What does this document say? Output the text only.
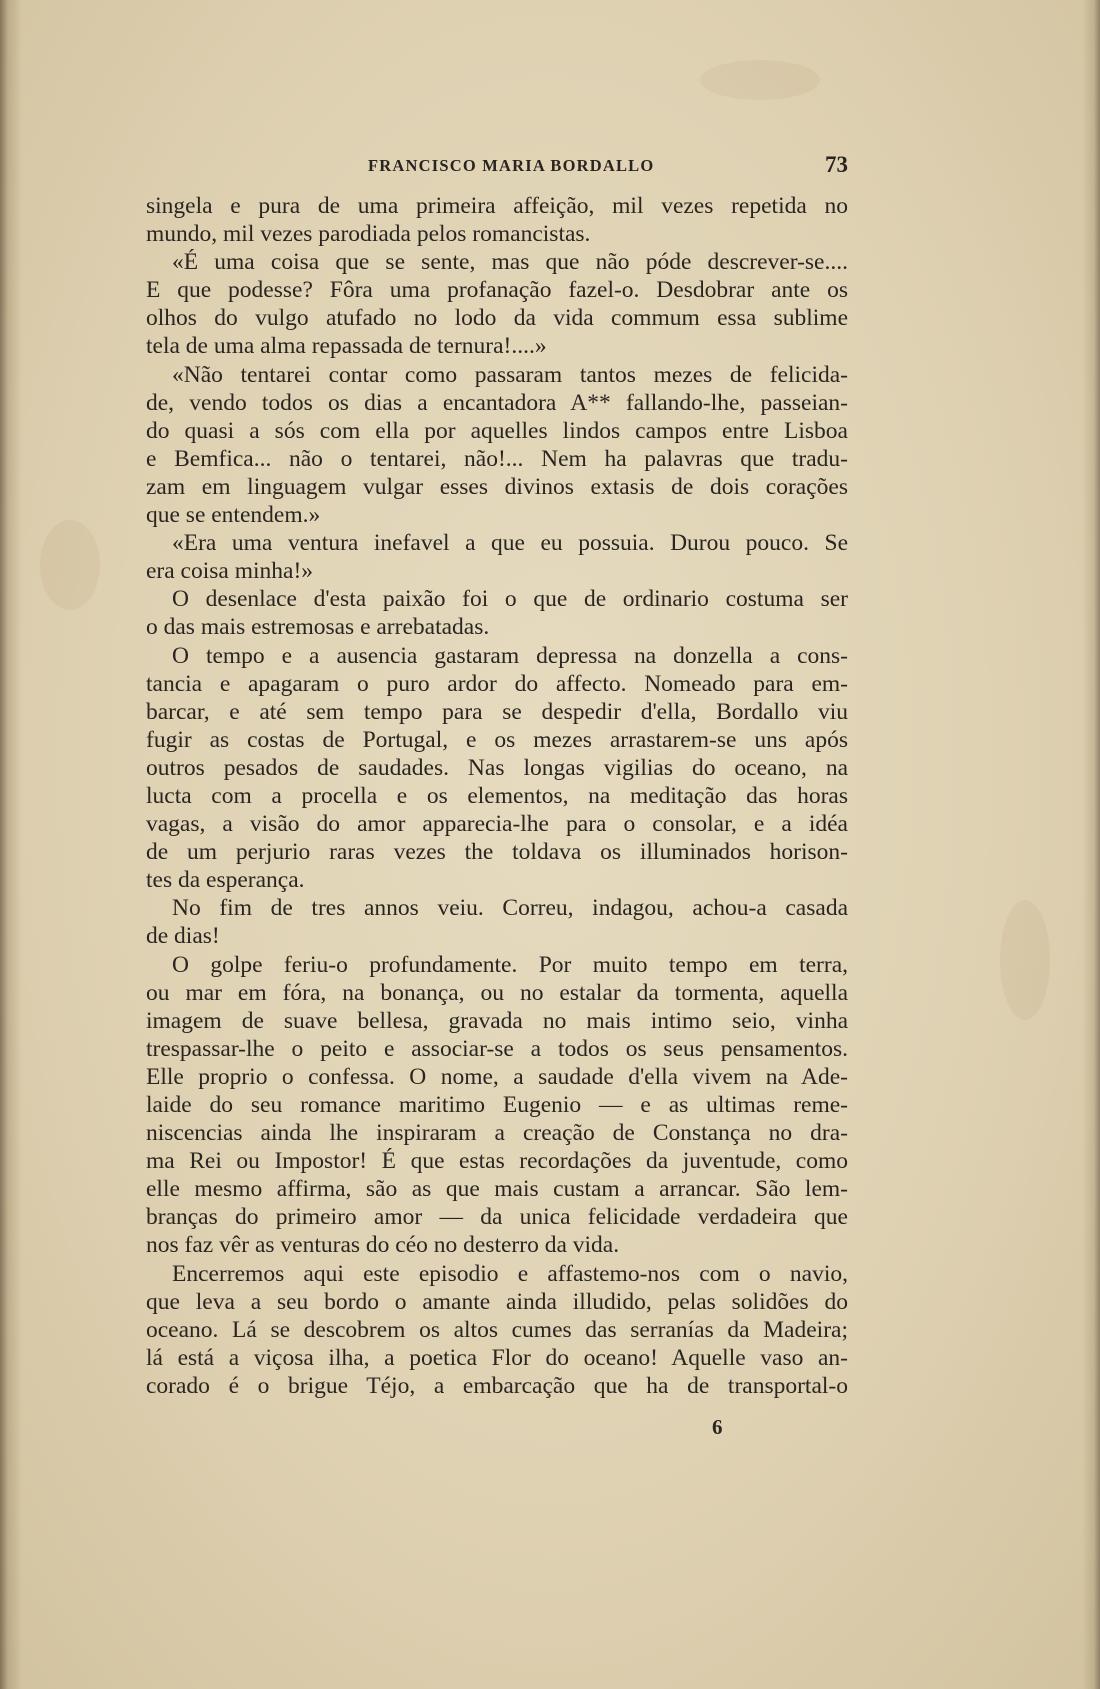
FRANCISCO MARIA BORDALLO	73
singela e pura de uma primeira affeição, mil vezes repetida no
mundo, mil vezes parodiada pelos romancistas.
«É uma coisa que se sente, mas que não póde descrever-se....
E que podesse? Fôra uma profanação fazel-o. Desdobrar ante os
olhos do vulgo atufado no lodo da vida commum essa sublime
tela de uma alma repassada de ternura!....»
«Não tentarei contar como passaram tantos mezes de felicida-
de, vendo todos os dias a encantadora A** fallando-lhe, passeian-
do quasi a sós com ella por aquelles lindos campos entre Lisboa
e Bemfica... não o tentarei, não!... Nem ha palavras que tradu-
zam em linguagem vulgar esses divinos extasis de dois corações
que se entendem.»
«Era uma ventura inefavel a que eu possuia. Durou pouco. Se
era coisa minha!»
O desenlace d'esta paixão foi o que de ordinario costuma ser
o das mais estremosas e arrebatadas.
O tempo e a ausencia gastaram depressa na donzella a cons-
tancia e apagaram o puro ardor do affecto. Nomeado para em-
barcar, e até sem tempo para se despedir d'ella, Bordallo viu
fugir as costas de Portugal, e os mezes arrastarem-se uns após
outros pesados de saudades. Nas longas vigilias do oceano, na
lucta com a procella e os elementos, na meditação das horas
vagas, a visão do amor apparecia-lhe para o consolar, e a idéa
de um perjurio raras vezes the toldava os illuminados horison-
tes da esperança.
No fim de tres annos veiu. Correu, indagou, achou-a casada
de dias!
O golpe feriu-o profundamente. Por muito tempo em terra,
ou mar em fóra, na bonança, ou no estalar da tormenta, aquella
imagem de suave bellesa, gravada no mais intimo seio, vinha
trespassar-lhe o peito e associar-se a todos os seus pensamentos.
Elle proprio o confessa. O nome, a saudade d'ella vivem na Ade-
laide do seu romance maritimo Eugenio — e as ultimas reme-
niscencias ainda lhe inspiraram a creação de Constança no dra-
ma Rei ou Impostor! É que estas recordações da juventude, como
elle mesmo affirma, são as que mais custam a arrancar. São lem-
branças do primeiro amor — da unica felicidade verdadeira que
nos faz vêr as venturas do céo no desterro da vida.
Encerremos aqui este episodio e affastemo-nos com o navio,
que leva a seu bordo o amante ainda illudido, pelas solidões do
oceano. Lá se descobrem os altos cumes das serranías da Madeira;
lá está a viçosa ilha, a poetica Flor do oceano! Aquelle vaso an-
corado é o brigue Téjo, a embarcação que ha de transportal-o
6
